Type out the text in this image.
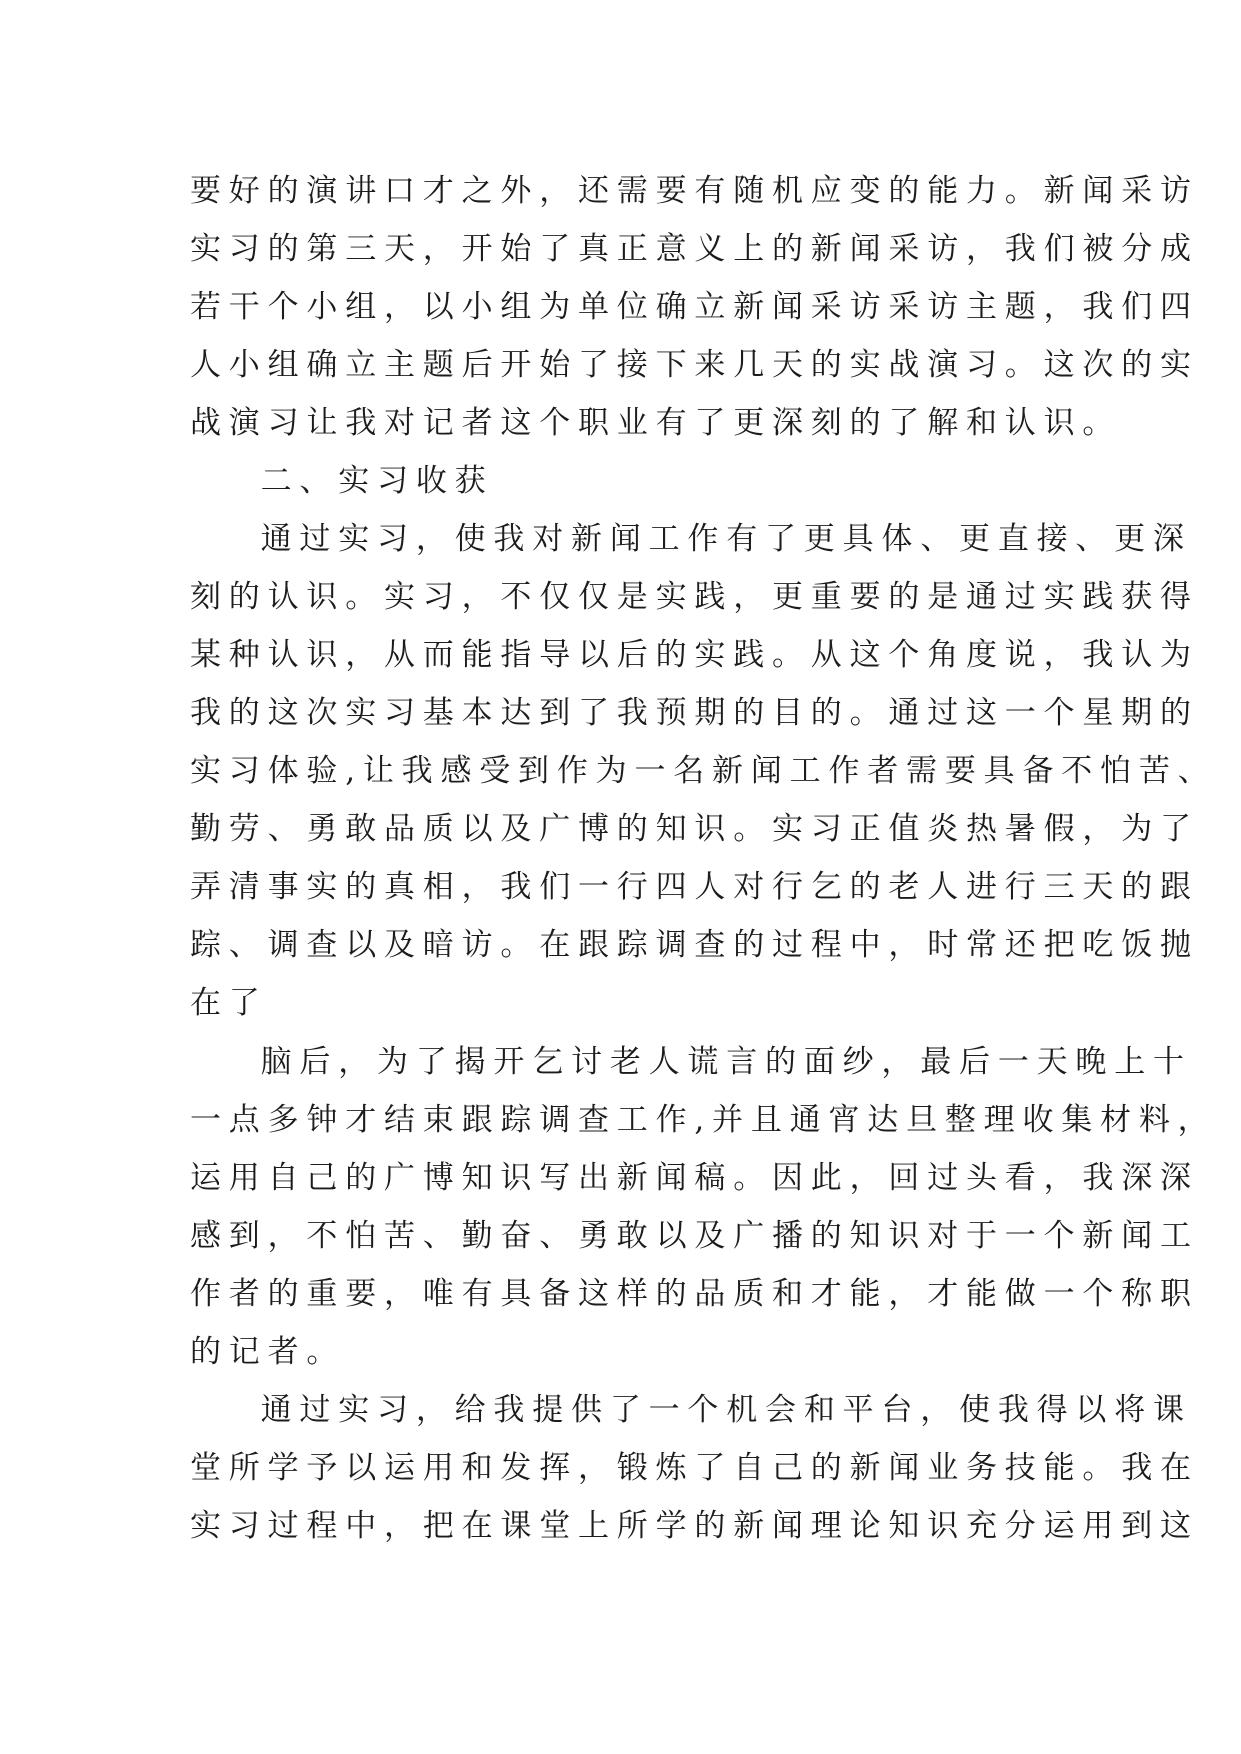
要好的演讲口才之外，还需要有随机应变的能力。新闻采访
实习的第三天，开始了真正意义上的新闻采访，我们被分成
若干个小组，以小组为单位确立新闻采访采访主题，我们四
人小组确立主题后开始了接下来几天的实战演习。这次的实
战演习让我对记者这个职业有了更深刻的了解和认识。
二、实习收获
通过实习，使我对新闻工作有了更具体、更直接、更深
刻的认识。实习，不仅仅是实践，更重要的是通过实践获得
某种认识，从而能指导以后的实践。从这个角度说，我认为
我的这次实习基本达到了我预期的目的。通过这一个星期的
实习体验,让我感受到作为一名新闻工作者需要具备不怕苦、
勤劳、勇敢品质以及广博的知识。实习正值炎热暑假，为了
弄清事实的真相，我们一行四人对行乞的老人进行三天的跟
踪、调查以及暗访。在跟踪调查的过程中，时常还把吃饭抛
在了
脑后，为了揭开乞讨老人谎言的面纱，最后一天晚上十
一点多钟才结束跟踪调查工作,并且通宵达旦整理收集材料，
运用自己的广博知识写出新闻稿。因此，回过头看，我深深
感到，不怕苦、勤奋、勇敢以及广播的知识对于一个新闻工
作者的重要，唯有具备这样的品质和才能，才能做一个称职
的记者。
通过实习，给我提供了一个机会和平台，使我得以将课
堂所学予以运用和发挥，锻炼了自己的新闻业务技能。我在
实习过程中，把在课堂上所学的新闻理论知识充分运用到这
